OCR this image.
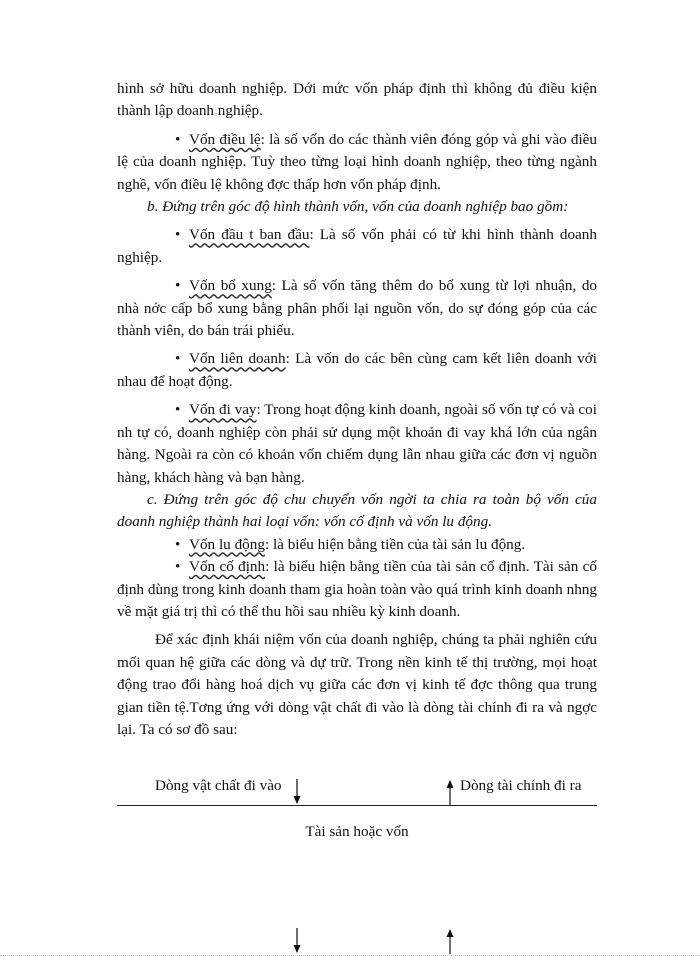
hình sở hữu doanh nghiệp. Dới mức vốn pháp định thì không đủ điều kiện thành lập doanh nghiệp.

• Vốn điều lệ: là số vốn do các thành viên đóng góp và ghi vào điều lệ của doanh nghiệp. Tuỳ theo từng loại hình doanh nghiệp, theo từng ngành nghề, vốn điều lệ không đợc thấp hơn vốn pháp định.

b. Đứng trên góc độ hình thành vốn, vốn của doanh nghiệp bao gồm:

• Vốn đầu t ban đầu: Là số vốn phải có từ khi hình thành doanh nghiệp.

• Vốn bổ xung: Là số vốn tăng thêm do bổ xung từ lợi nhuận, do nhà nớc cấp bổ xung bằng phân phối lại nguồn vốn, do sự đóng góp của các thành viên, do bán trái phiếu.

• Vốn liên doanh: Là vốn do các bên cùng cam kết liên doanh với nhau để hoạt động.

• Vốn đi vay: Trong hoạt động kinh doanh, ngoài số vốn tự có và coi nh tự có, doanh nghiệp còn phải sử dụng một khoản đi vay khá lớn của ngân hàng. Ngoài ra còn có khoản vốn chiếm dụng lẫn nhau giữa các đơn vị nguồn hàng, khách hàng và bạn hàng.

c. Đứng trên góc độ chu chuyển vốn ngời ta chia ra toàn bộ vốn của doanh nghiệp thành hai loại vốn: vốn cố định và vốn lu động.

• Vốn lu động: là biểu hiện bằng tiền của tài sản lu động.

• Vốn cố định: là biểu hiện bằng tiền của tài sản cố định. Tài sản cố định dùng trong kinh doanh tham gia hoàn toàn vào quá trình kinh doanh nhng về mặt giá trị thì có thể thu hồi sau nhiều kỳ kinh doanh.

Để xác định khái niệm vốn của doanh nghiệp, chúng ta phải nghiên cứu mối quan hệ giữa các dòng và dự trữ. Trong nền kinh tế thị trường, mọi hoạt động trao đổi hàng hoá dịch vụ giữa các đơn vị kinh tế đợc thông qua trung gian tiền tệ.Tơng ứng với dòng vật chất đi vào là dòng tài chính đi ra và ngợc lại. Ta có sơ đồ sau:

Dòng vật chất đi vào	Dòng tài chính đi ra
Tài sản hoặc vốn
